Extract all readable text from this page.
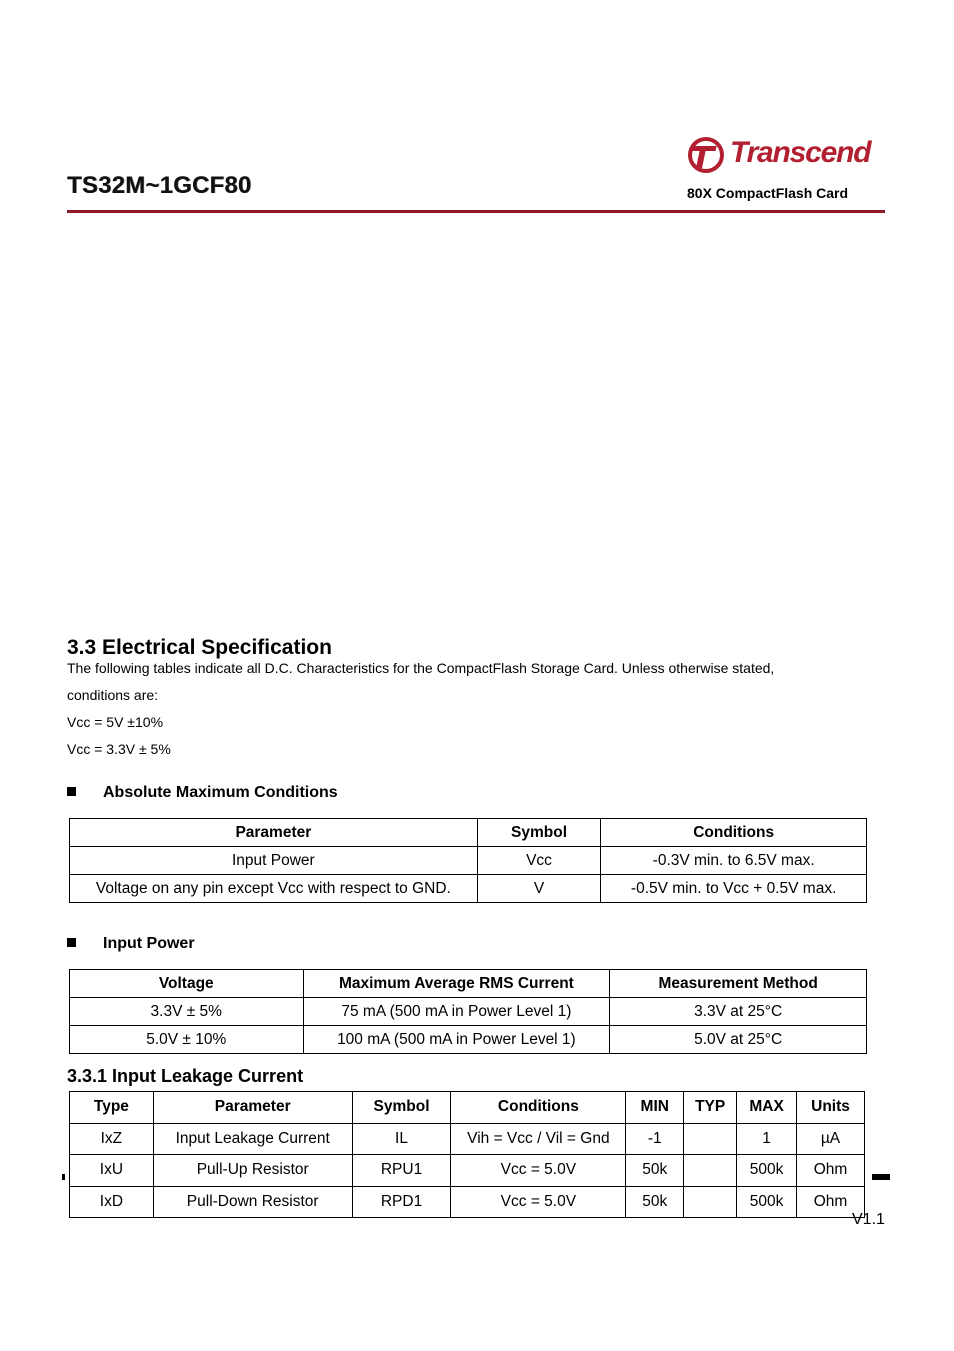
TS32M~1GCF80
Transcend
80X CompactFlash Card
3.3 Electrical Specification
The following tables indicate all D.C. Characteristics for the CompactFlash Storage Card. Unless otherwise stated,
conditions are:
Vcc = 5V ±10%
Vcc = 3.3V ± 5%
Absolute Maximum Conditions
Parameter	Symbol	Conditions
Input Power	Vcc	-0.3V min. to 6.5V max.
Voltage on any pin except Vcc with respect to GND.	V	-0.5V min. to Vcc + 0.5V max.
Input Power
Voltage	Maximum Average RMS Current	Measurement Method
3.3V ± 5%	75 mA (500 mA in Power Level 1)	3.3V at 25°C
5.0V ± 10%	100 mA (500 mA in Power Level 1)	5.0V at 25°C
3.3.1 Input Leakage Current
Type	Parameter	Symbol	Conditions	MIN	TYP	MAX	Units
IxZ	Input Leakage Current	IL	Vih = Vcc / Vil = Gnd	-1		1	µA
IxU	Pull-Up Resistor	RPU1	Vcc = 5.0V	50k		500k	Ohm
IxD	Pull-Down Resistor	RPD1	Vcc = 5.0V	50k		500k	Ohm
V1.1
